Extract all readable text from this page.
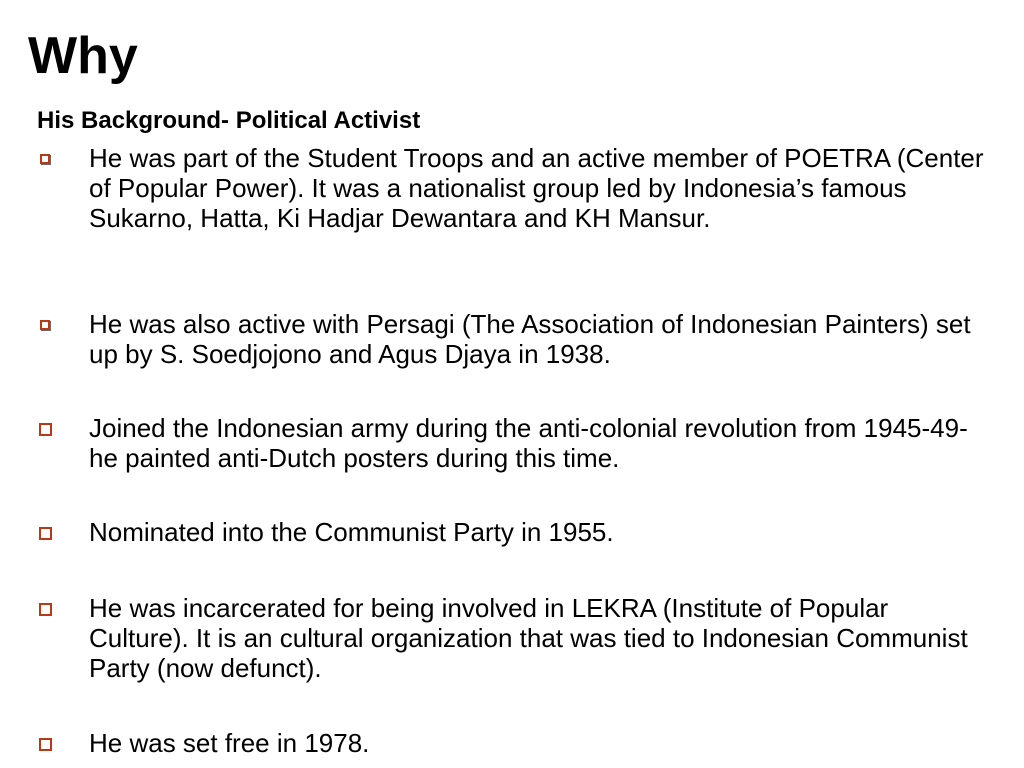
Why
His Background- Political Activist
He was part of the Student Troops and an active member of POETRA (Center of Popular Power). It was a nationalist group led by Indonesia’s famous Sukarno, Hatta, Ki Hadjar Dewantara and KH Mansur.
He was also active with Persagi (The Association of Indonesian Painters) set up by S. Soedjojono and Agus Djaya in 1938.
Joined the Indonesian army during the anti-colonial revolution from 1945-49- he painted anti-Dutch posters during this time.
Nominated into the Communist Party in 1955.
He was incarcerated for being involved in LEKRA (Institute of Popular Culture). It is an cultural organization that was tied to Indonesian Communist Party (now defunct).
He was set free in 1978.
